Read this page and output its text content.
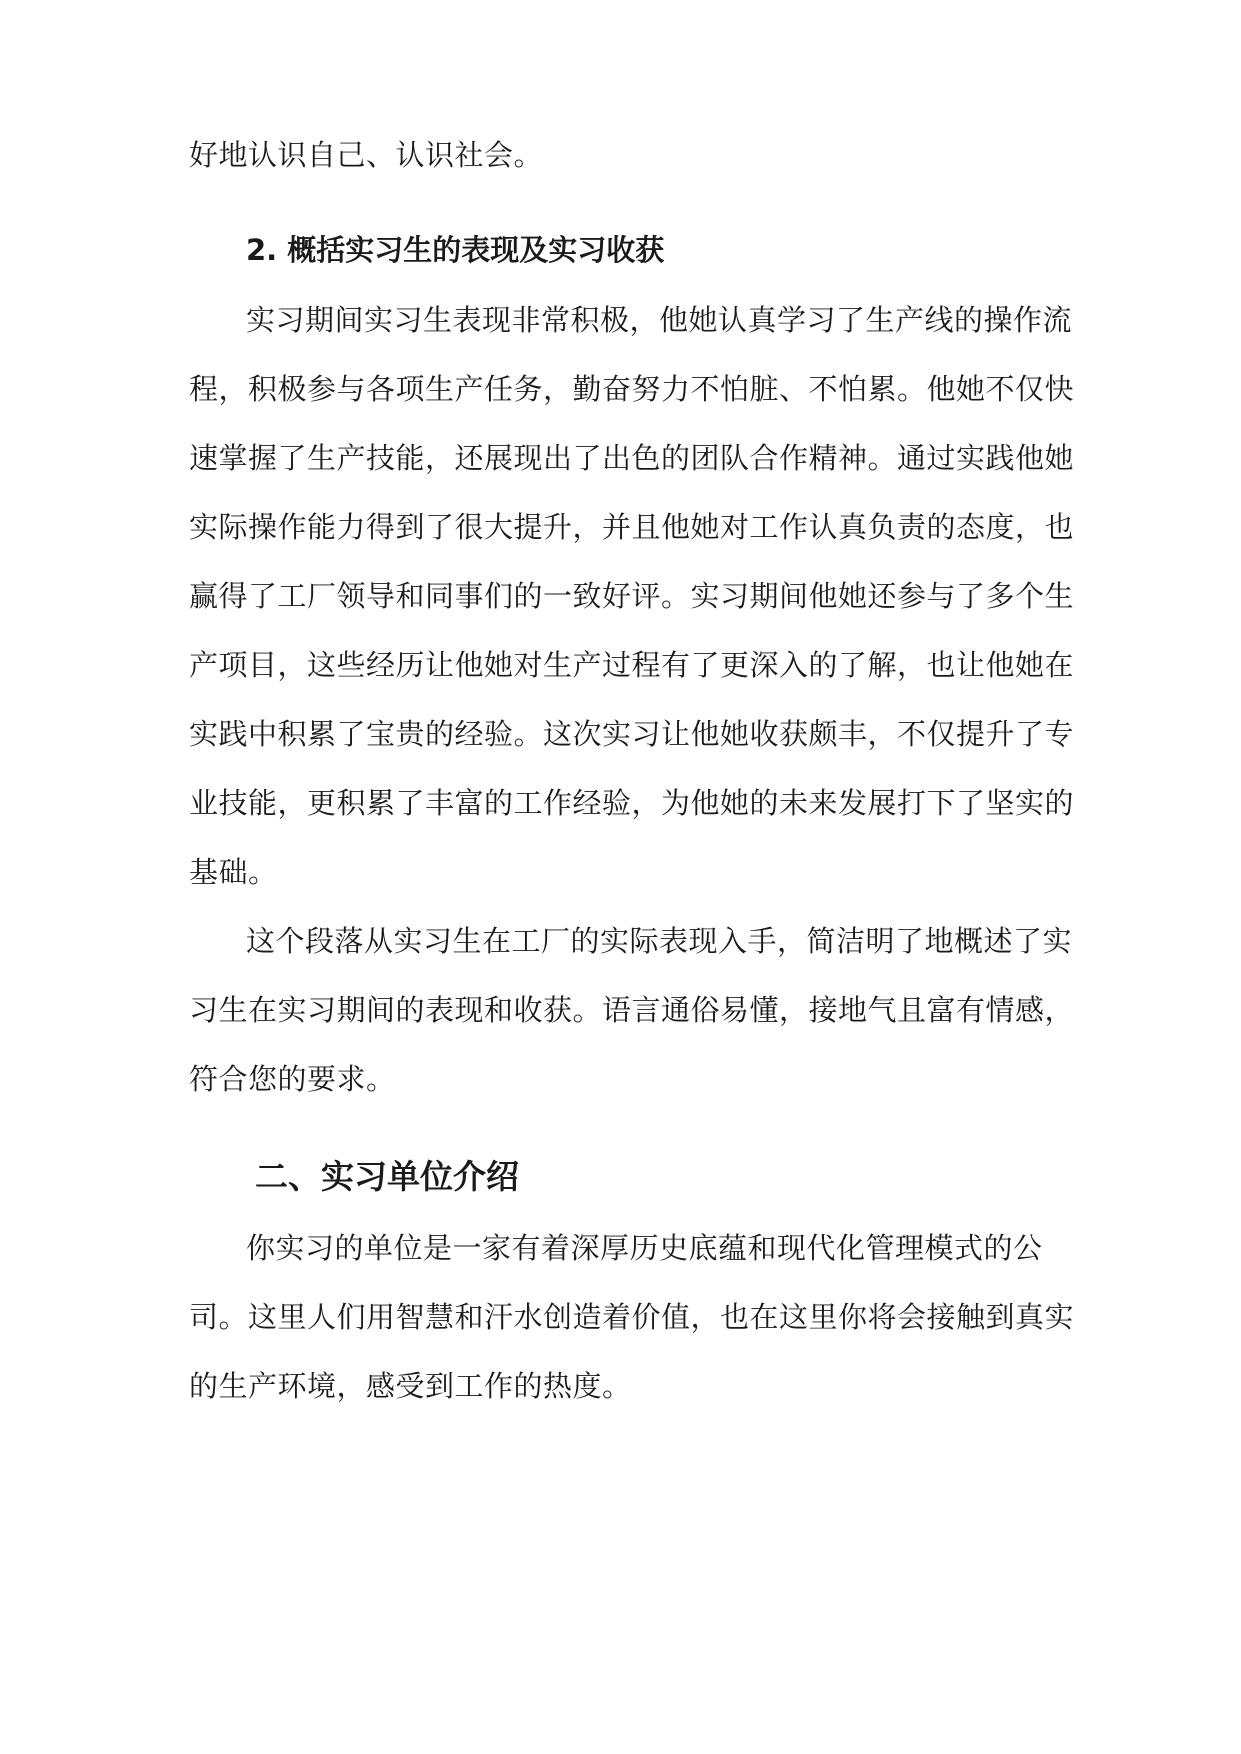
好地认识自己、认识社会。

2. 概括实习生的表现及实习收获

实习期间实习生表现非常积极，他她认真学习了生产线的操作流

程，积极参与各项生产任务，勤奋努力不怕脏、不怕累。他她不仅快

速掌握了生产技能，还展现出了出色的团队合作精神。通过实践他她

实际操作能力得到了很大提升，并且他她对工作认真负责的态度，也

赢得了工厂领导和同事们的一致好评。实习期间他她还参与了多个生

产项目，这些经历让他她对生产过程有了更深入的了解，也让他她在

实践中积累了宝贵的经验。这次实习让他她收获颇丰，不仅提升了专

业技能，更积累了丰富的工作经验，为他她的未来发展打下了坚实的

基础。

这个段落从实习生在工厂的实际表现入手，简洁明了地概述了实

习生在实习期间的表现和收获。语言通俗易懂，接地气且富有情感，

符合您的要求。

二、实习单位介绍

你实习的单位是一家有着深厚历史底蕴和现代化管理模式的公

司。这里人们用智慧和汗水创造着价值，也在这里你将会接触到真实

的生产环境，感受到工作的热度。
